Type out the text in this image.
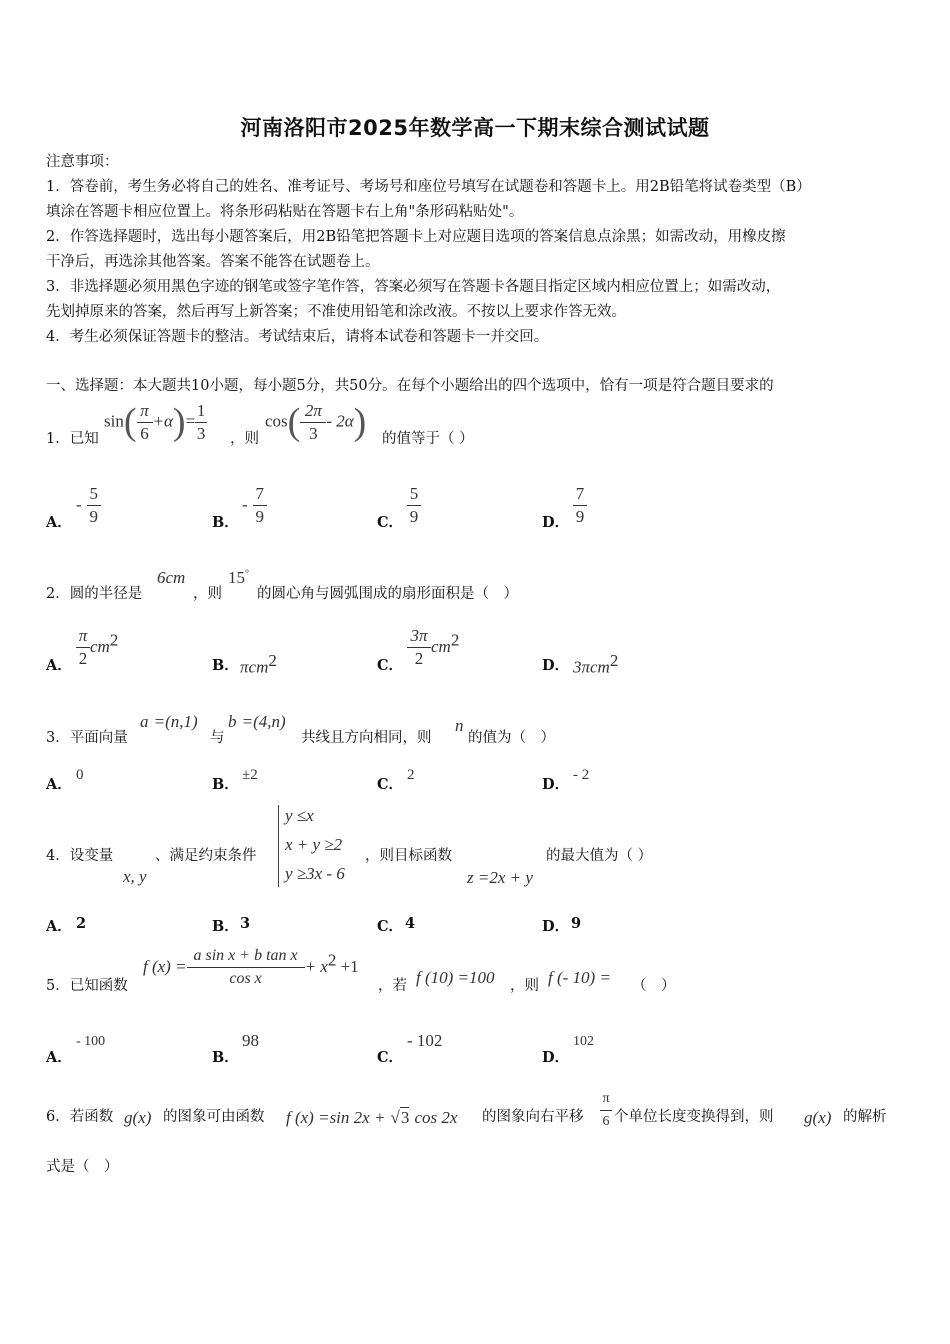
河南洛阳市2025年数学高一下期末综合测试试题
注意事项：
1．答卷前，考生务必将自己的姓名、准考证号、考场号和座位号填写在试题卷和答题卡上。用2B铅笔将试卷类型（B）
填涂在答题卡相应位置上。将条形码粘贴在答题卡右上角"条形码粘贴处"。
2．作答选择题时，选出每小题答案后，用2B铅笔把答题卡上对应题目选项的答案信息点涂黑；如需改动，用橡皮擦
干净后，再选涂其他答案。答案不能答在试题卷上。
3．非选择题必须用黑色字迹的钢笔或签字笔作答，答案必须写在答题卡各题目指定区域内相应位置上；如需改动，
先划掉原来的答案，然后再写上新答案；不准使用铅笔和涂改液。不按以上要求作答无效。
4．考生必须保证答题卡的整洁。考试结束后，请将本试卷和答题卡一并交回。
一、选择题：本大题共10小题，每小题5分，共50分。在每个小题给出的四个选项中，恰有一项是符合题目要求的
1．已知
$\sin( \frac{\pi}{6} +\alpha)= \frac{1}{3}$ ，则
$\cos( \frac{2\pi}{3} - 2\alpha)$ 的值等于（ ）
A．
- $\frac{5}{9}$	B．
- $\frac{7}{9}$	C． $\frac{5}{9}$	D． $\frac{7}{9}$
2．圆的半径是
6cm
，则
15°
的圆心角与圆弧围成的扇形面积是（　）
A． $\frac{\pi}{2} cm^2$
B． πcm$^2$	C． $\frac{3\pi}{2} cm^2$
D． 3πcm$^2$
3．平面向量
a =(n,1)
与
b =(4,n)
共线且方向相同，则
n
的值为（　）
A．
0
B．
±2
C．
2
D．
- 2
4．设变量
x, y
、满足约束条件
y ≤x
x + y ≥2
y ≥3x - 6
，则目标函数
z =2x + y
的最大值为（ ）
A． 2	B． 3	C． 4	D． 9
5．已知函数
f $(x) = \frac{\text{a sin x + b tan x}}{\text{cos x}} + x^2 +1$
，若 f (10) =100 ，则 f (- 10) = （　）
A．
- 100
B．
98
C．
- 102
D．
102
6．若函数 g(x) 的图象可由函数 f (x) =sin 2x + √3 cos 2x 的图象向右平移 $\frac{\pi}{6}$ 个单位长度变换得到，则 g(x) 的解析
式是（　）
